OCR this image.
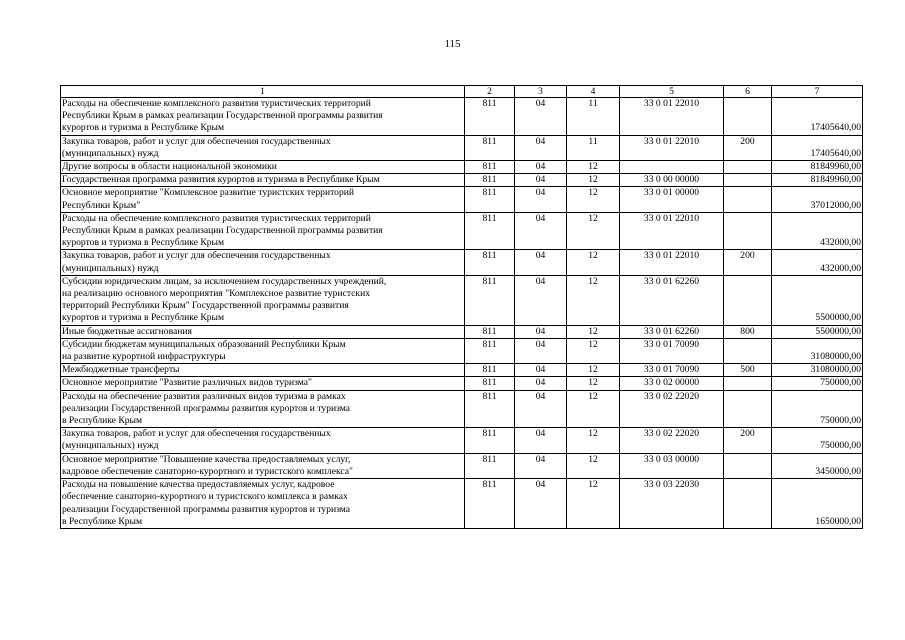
115
1	2	3	4	5	6	7

Расходы на обеспечение комплексного развития туристических территорий
Республики Крым в рамках реализации Государственной программы развития
курортов и туризма в Республике Крым	811	04	11	33 0 01 22010		17405640,00

Закупка товаров, работ и услуг для обеспечения государственных
(муниципальных) нужд	811	04	11	33 0 01 22010	200	17405640,00

Другие вопросы в области национальной экономики	811	04	12			81849960,00

Государственная программа развития курортов и туризма в Республике Крым	811	04	12	33 0 00 00000		81849960,00

Основное мероприятие "Комплексное развитие туристских территорий
Республики Крым"	811	04	12	33 0 01 00000		37012000,00

Расходы на обеспечение комплексного развития туристических территорий
Республики Крым в рамках реализации Государственной программы развития
курортов и туризма в Республике Крым	811	04	12	33 0 01 22010		432000,00

Закупка товаров, работ и услуг для обеспечения государственных
(муниципальных) нужд	811	04	12	33 0 01 22010	200	432000,00

Субсидии юридическим лицам, за исключением государственных учреждений,
на реализацию основного мероприятия "Комплексное развитие туристских
территорий Республики Крым" Государственной программы развития
курортов и туризма в Республике Крым	811	04	12	33 0 01 62260		5500000,00

Иные бюджетные ассигнования	811	04	12	33 0 01 62260	800	5500000,00

Субсидии бюджетам муниципальных образований Республики Крым
на развитие курортной инфраструктуры	811	04	12	33 0 01 70090		31080000,00

Межбюджетные трансферты	811	04	12	33 0 01 70090	500	31080000,00

Основное мероприятие "Развитие различных видов туризма"	811	04	12	33 0 02 00000		750000,00

Расходы на обеспечение развития различных видов туризма в рамках
реализации Государственной программы развития курортов и туризма
в Республике Крым	811	04	12	33 0 02 22020		750000,00

Закупка товаров, работ и услуг для обеспечения государственных
(муниципальных) нужд	811	04	12	33 0 02 22020	200	750000,00

Основное мероприятие "Повышение качества предоставляемых услуг,
кадровое обеспечение санаторно-курортного и туристского комплекса"	811	04	12	33 0 03 00000		3450000,00

Расходы на повышение качества предоставляемых услуг, кадровое
обеспечение санаторно-курортного и туристского комплекса в рамках
реализации Государственной программы развития курортов и туризма
в Республике Крым	811	04	12	33 0 03 22030		1650000,00
